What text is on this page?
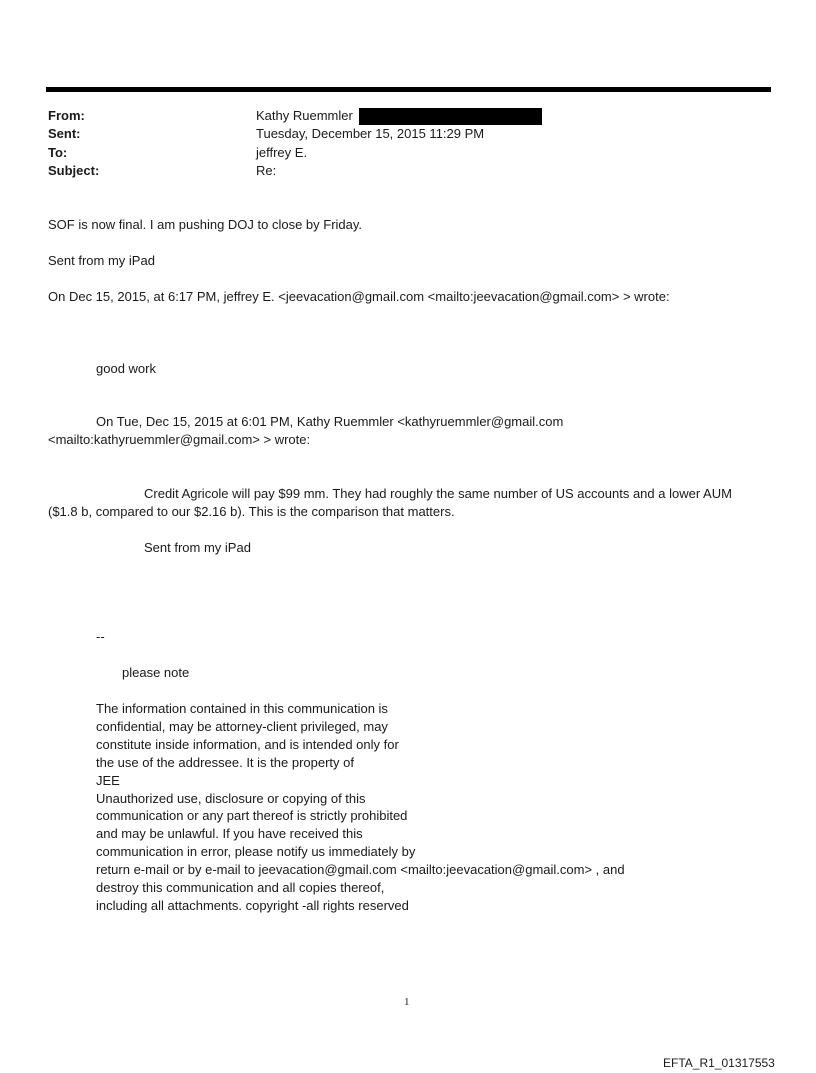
From:	Kathy Ruemmler
Sent:	Tuesday, December 15, 2015 11:29 PM
To:	jeffrey E.
Subject:	Re:
SOF is now final. I am pushing DOJ to close by Friday.
Sent from my iPad
On Dec 15, 2015, at 6:17 PM, jeffrey E. <jeevacation@gmail.com <mailto:jeevacation@gmail.com> > wrote:
good work
On Tue, Dec 15, 2015 at 6:01 PM, Kathy Ruemmler <kathyruemmler@gmail.com
<mailto:kathyruemmler@gmail.com> > wrote:
Credit Agricole will pay $99 mm. They had roughly the same number of US accounts and a lower AUM
($1.8 b, compared to our $2.16 b). This is the comparison that matters.
Sent from my iPad
--
please note
The information contained in this communication is
confidential, may be attorney-client privileged, may
constitute inside information, and is intended only for
the use of the addressee. It is the property of
JEE
Unauthorized use, disclosure or copying of this
communication or any part thereof is strictly prohibited
and may be unlawful. If you have received this
communication in error, please notify us immediately by
return e-mail or by e-mail to jeevacation@gmail.com <mailto:jeevacation@gmail.com> , and
destroy this communication and all copies thereof,
including all attachments. copyright -all rights reserved
1
EFTA_R1_01317553
